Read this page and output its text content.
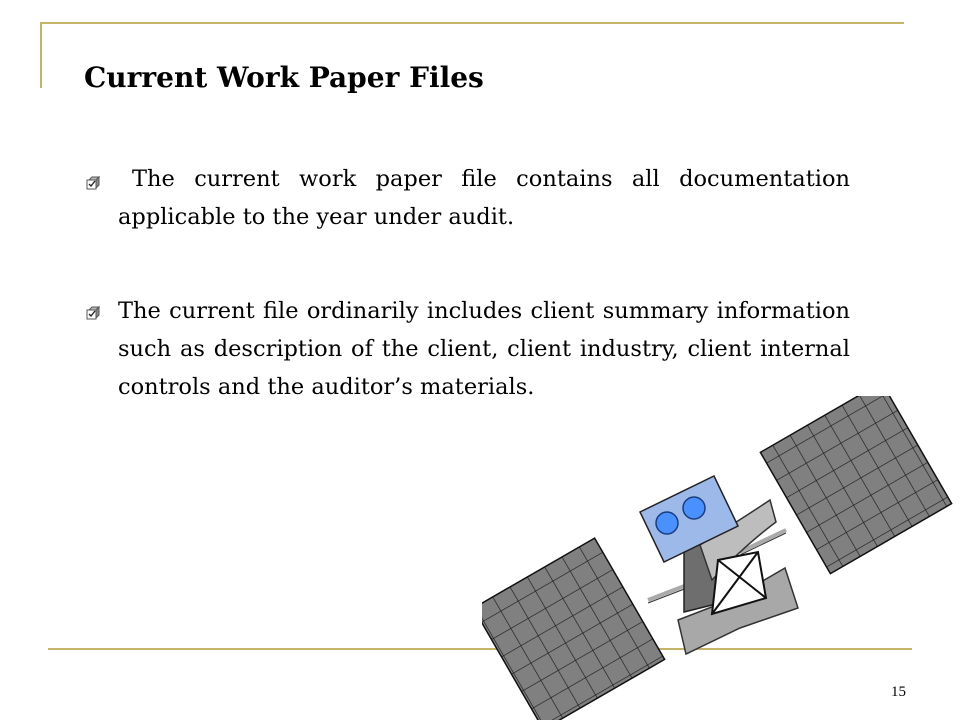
Current Work Paper Files

The current work paper file contains all documentation applicable to the year under audit.

The current file ordinarily includes client summary information such as description of the client, client industry, client internal controls and the auditor’s materials.

15
